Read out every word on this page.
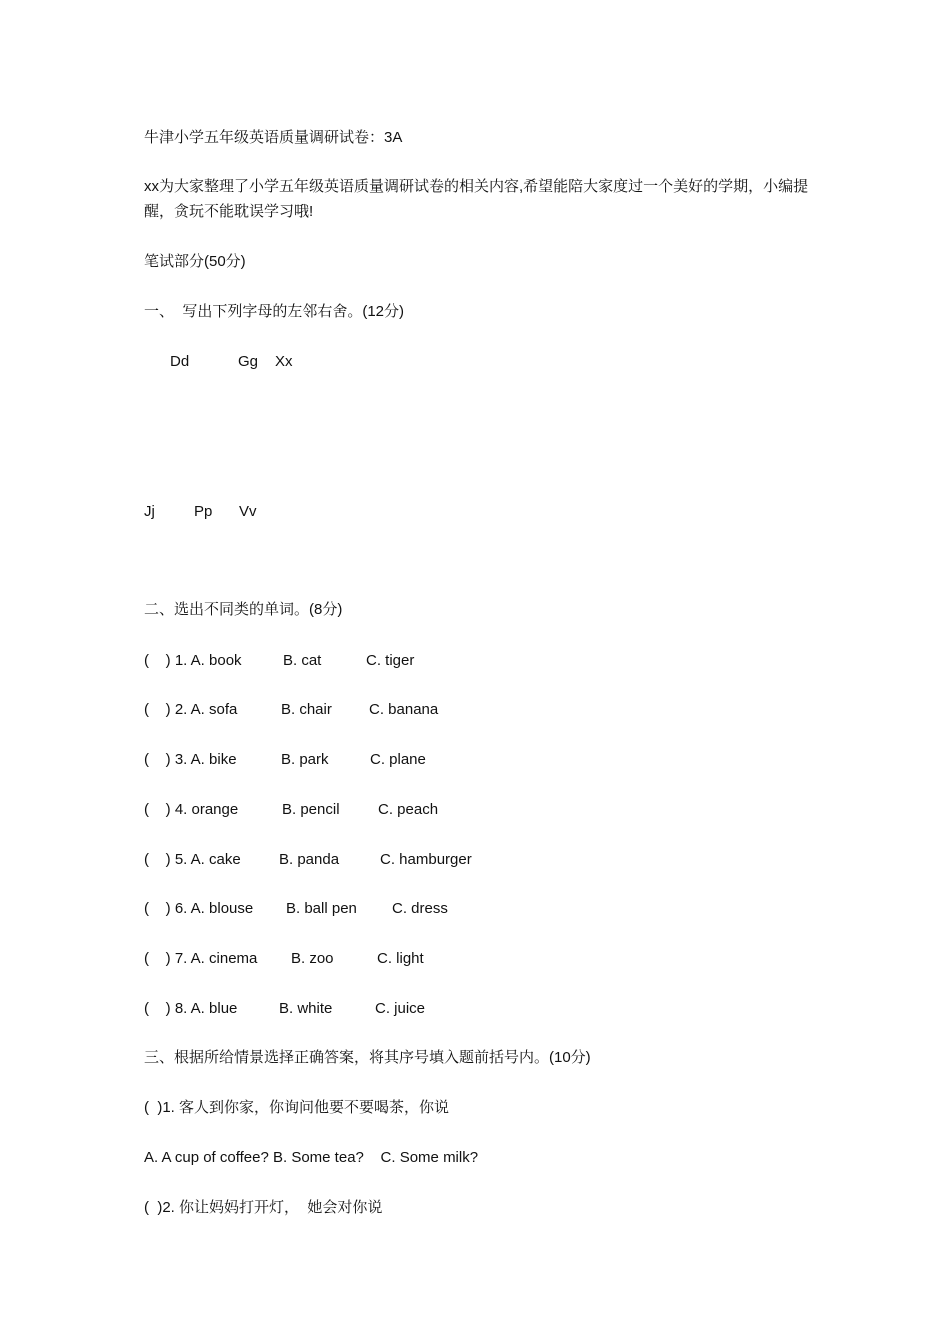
牛津小学五年级英语质量调研试卷：3A
xx为大家整理了小学五年级英语质量调研试卷的相关内容,希望能陪大家度过一个美好的学期，小编提醒，贪玩不能耽误学习哦!
笔试部分(50分)
一、  写出下列字母的左邻右舍。(12分)
Dd	Gg Xx
Jj	Pp Vv
二、选出不同类的单词。(8分)
(    ) 1. A. book	B. cat	C. tiger
(    ) 2. A. sofa	B. chair C. banana
(    ) 3. A. bike	B. park	C. plane
(    ) 4. orange	B. pencil	C. peach
(    ) 5. A. cake	B. panda	C. hamburger
(    ) 6. A. blouse B. ball pen C. dress
(    ) 7. A. cinema B. zoo	C. light
(    ) 8. A. blue	B. white	C. juice
三、根据所给情景选择正确答案，将其序号填入题前括号内。(10分)
(  )1. 客人到你家，你询问他要不要喝茶，你说
A. A cup of coffee? B. Some tea?    C. Some milk?
(  )2. 你让妈妈打开灯，  她会对你说
